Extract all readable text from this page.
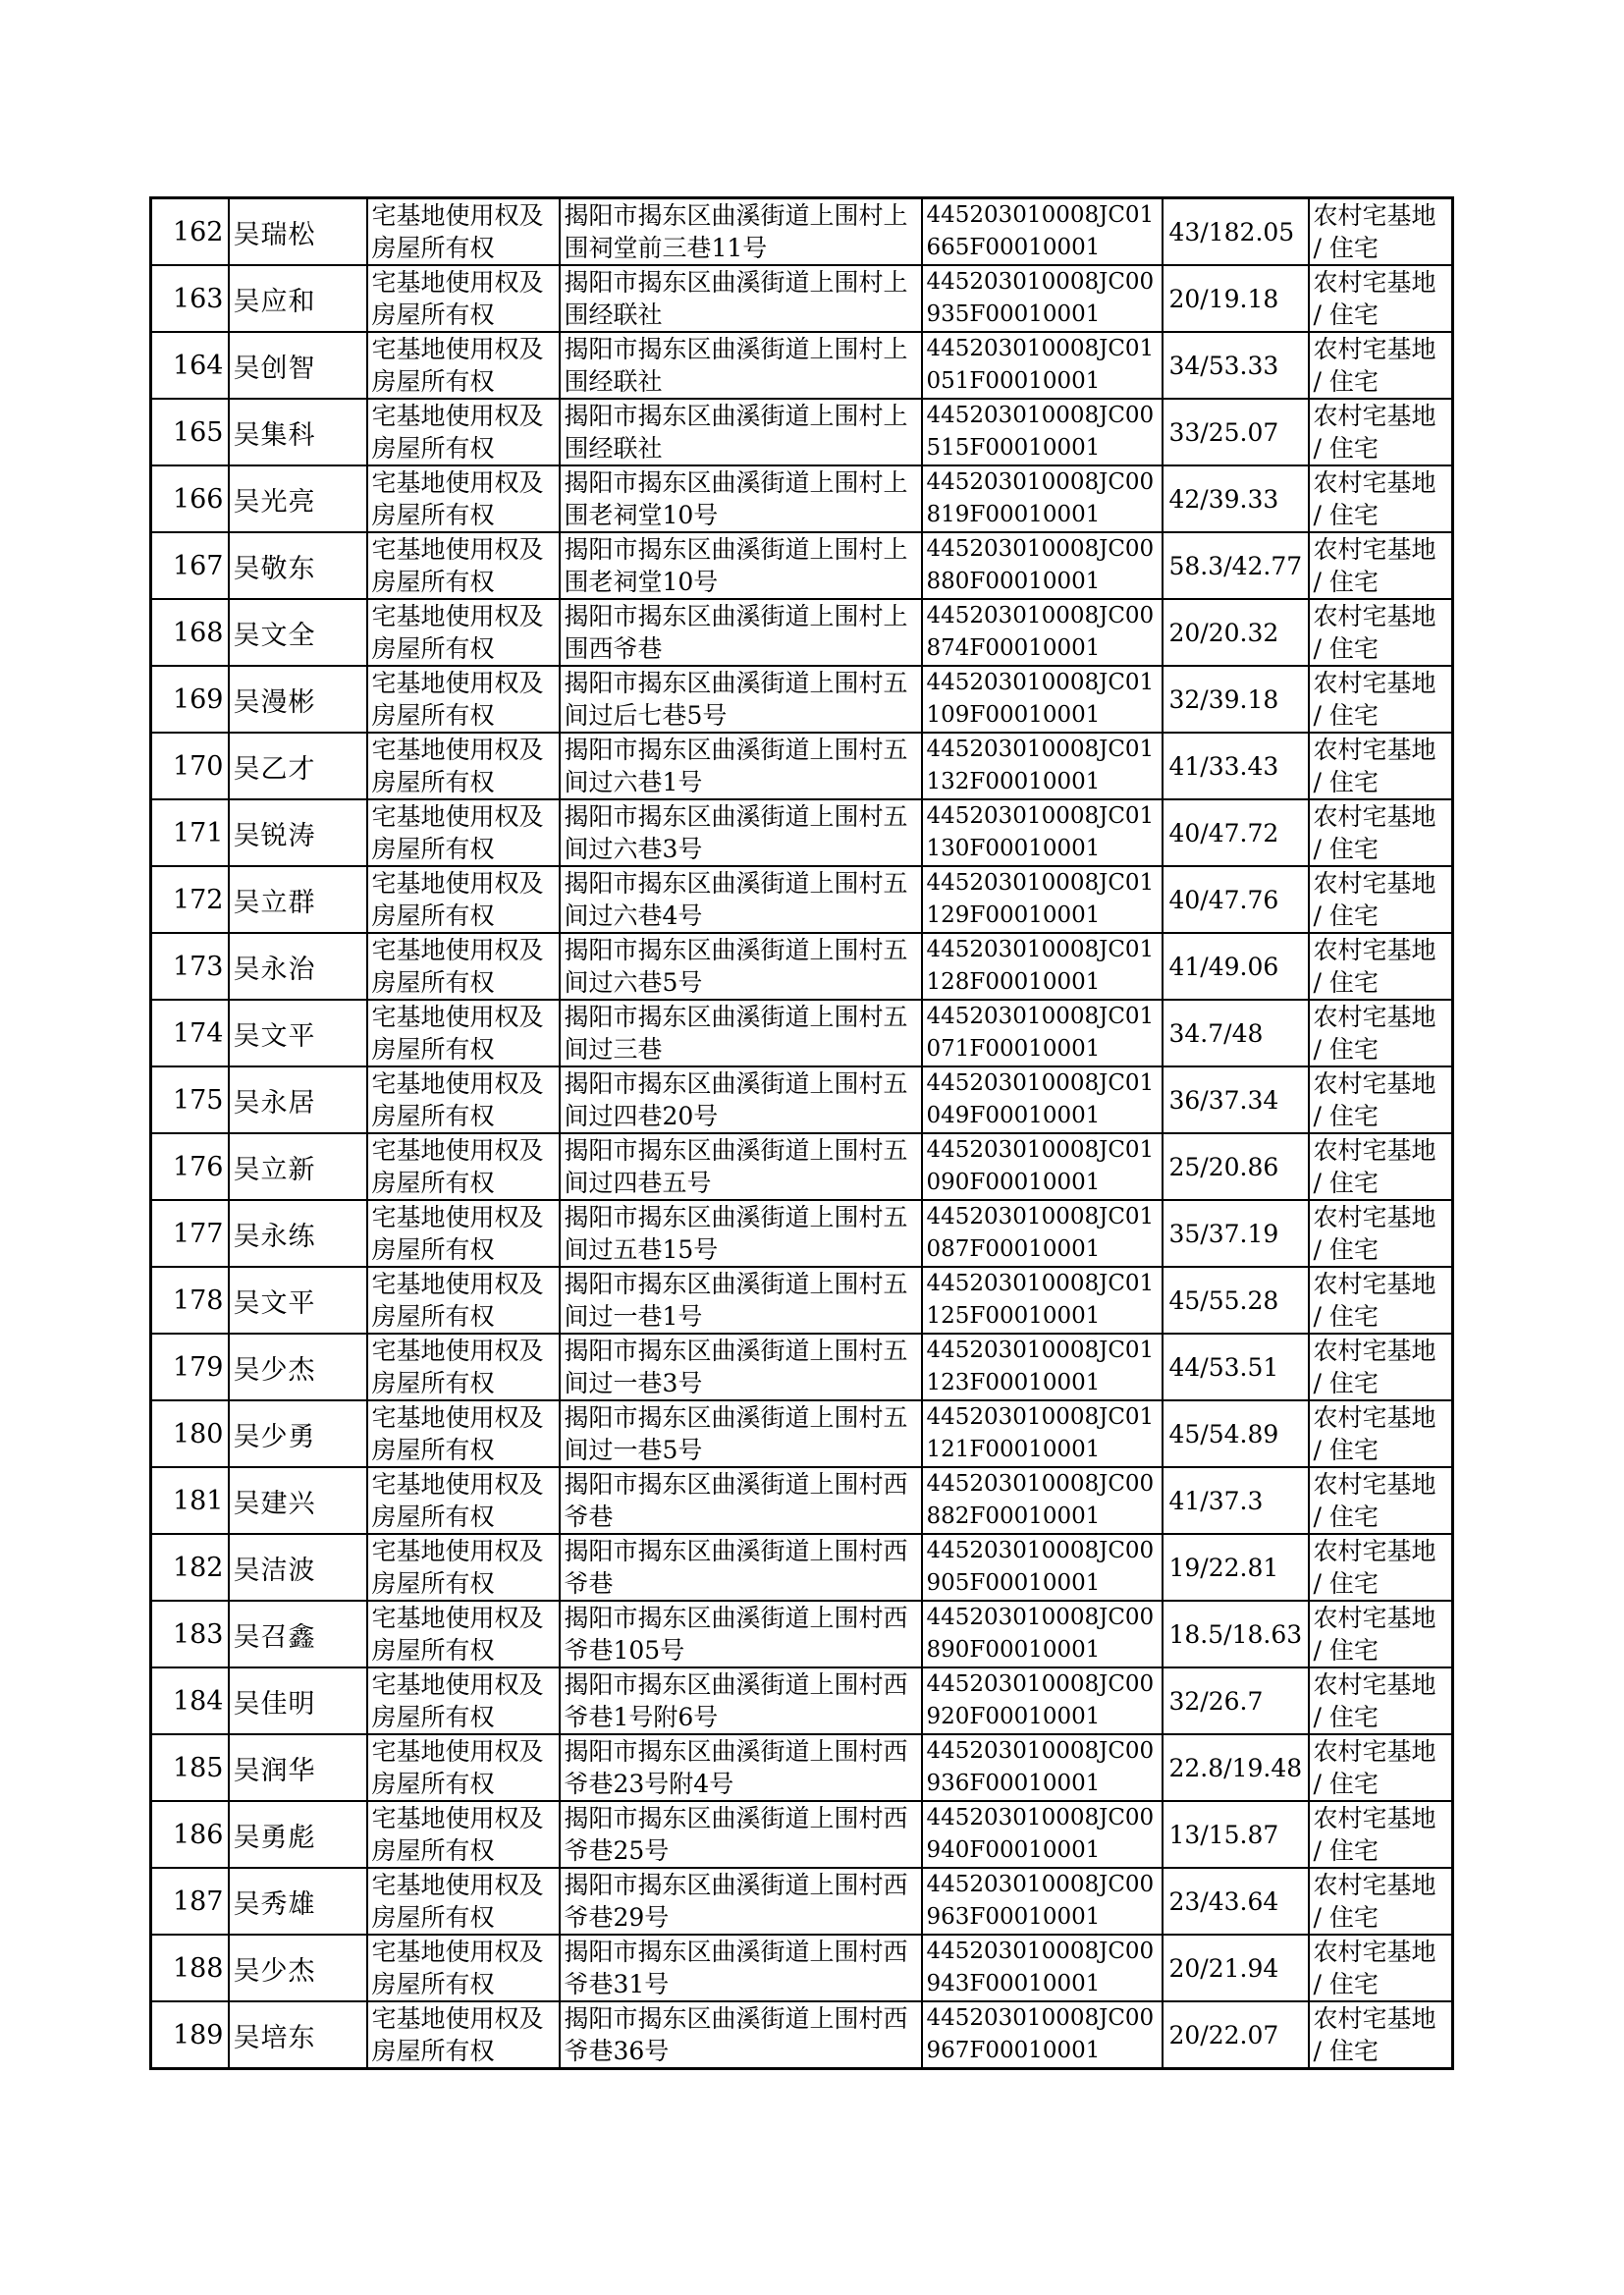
162	吴瑞松	宅基地使用权及房屋所有权	揭阳市揭东区曲溪街道上围村上围祠堂前三巷11号	445203010008JC01665F00010001	43/182.05	农村宅基地 / 住宅
163	吴应和	宅基地使用权及房屋所有权	揭阳市揭东区曲溪街道上围村上围经联社	445203010008JC00935F00010001	20/19.18	农村宅基地 / 住宅
164	吴创智	宅基地使用权及房屋所有权	揭阳市揭东区曲溪街道上围村上围经联社	445203010008JC01051F00010001	34/53.33	农村宅基地 / 住宅
165	吴集科	宅基地使用权及房屋所有权	揭阳市揭东区曲溪街道上围村上围经联社	445203010008JC00515F00010001	33/25.07	农村宅基地 / 住宅
166	吴光亮	宅基地使用权及房屋所有权	揭阳市揭东区曲溪街道上围村上围老祠堂10号	445203010008JC00819F00010001	42/39.33	农村宅基地 / 住宅
167	吴敬东	宅基地使用权及房屋所有权	揭阳市揭东区曲溪街道上围村上围老祠堂10号	445203010008JC00880F00010001	58.3/42.77	农村宅基地 / 住宅
168	吴文全	宅基地使用权及房屋所有权	揭阳市揭东区曲溪街道上围村上围西爷巷	445203010008JC00874F00010001	20/20.32	农村宅基地 / 住宅
169	吴漫彬	宅基地使用权及房屋所有权	揭阳市揭东区曲溪街道上围村五间过后七巷5号	445203010008JC01109F00010001	32/39.18	农村宅基地 / 住宅
170	吴乙才	宅基地使用权及房屋所有权	揭阳市揭东区曲溪街道上围村五间过六巷1号	445203010008JC01132F00010001	41/33.43	农村宅基地 / 住宅
171	吴锐涛	宅基地使用权及房屋所有权	揭阳市揭东区曲溪街道上围村五间过六巷3号	445203010008JC01130F00010001	40/47.72	农村宅基地 / 住宅
172	吴立群	宅基地使用权及房屋所有权	揭阳市揭东区曲溪街道上围村五间过六巷4号	445203010008JC01129F00010001	40/47.76	农村宅基地 / 住宅
173	吴永治	宅基地使用权及房屋所有权	揭阳市揭东区曲溪街道上围村五间过六巷5号	445203010008JC01128F00010001	41/49.06	农村宅基地 / 住宅
174	吴文平	宅基地使用权及房屋所有权	揭阳市揭东区曲溪街道上围村五间过三巷	445203010008JC01071F00010001	34.7/48	农村宅基地 / 住宅
175	吴永居	宅基地使用权及房屋所有权	揭阳市揭东区曲溪街道上围村五间过四巷20号	445203010008JC01049F00010001	36/37.34	农村宅基地 / 住宅
176	吴立新	宅基地使用权及房屋所有权	揭阳市揭东区曲溪街道上围村五间过四巷五号	445203010008JC01090F00010001	25/20.86	农村宅基地 / 住宅
177	吴永练	宅基地使用权及房屋所有权	揭阳市揭东区曲溪街道上围村五间过五巷15号	445203010008JC01087F00010001	35/37.19	农村宅基地 / 住宅
178	吴文平	宅基地使用权及房屋所有权	揭阳市揭东区曲溪街道上围村五间过一巷1号	445203010008JC01125F00010001	45/55.28	农村宅基地 / 住宅
179	吴少杰	宅基地使用权及房屋所有权	揭阳市揭东区曲溪街道上围村五间过一巷3号	445203010008JC01123F00010001	44/53.51	农村宅基地 / 住宅
180	吴少勇	宅基地使用权及房屋所有权	揭阳市揭东区曲溪街道上围村五间过一巷5号	445203010008JC01121F00010001	45/54.89	农村宅基地 / 住宅
181	吴建兴	宅基地使用权及房屋所有权	揭阳市揭东区曲溪街道上围村西爷巷	445203010008JC00882F00010001	41/37.3	农村宅基地 / 住宅
182	吴洁波	宅基地使用权及房屋所有权	揭阳市揭东区曲溪街道上围村西爷巷	445203010008JC00905F00010001	19/22.81	农村宅基地 / 住宅
183	吴召鑫	宅基地使用权及房屋所有权	揭阳市揭东区曲溪街道上围村西爷巷105号	445203010008JC00890F00010001	18.5/18.63	农村宅基地 / 住宅
184	吴佳明	宅基地使用权及房屋所有权	揭阳市揭东区曲溪街道上围村西爷巷1号附6号	445203010008JC00920F00010001	32/26.7	农村宅基地 / 住宅
185	吴润华	宅基地使用权及房屋所有权	揭阳市揭东区曲溪街道上围村西爷巷23号附4号	445203010008JC00936F00010001	22.8/19.48	农村宅基地 / 住宅
186	吴勇彪	宅基地使用权及房屋所有权	揭阳市揭东区曲溪街道上围村西爷巷25号	445203010008JC00940F00010001	13/15.87	农村宅基地 / 住宅
187	吴秀雄	宅基地使用权及房屋所有权	揭阳市揭东区曲溪街道上围村西爷巷29号	445203010008JC00963F00010001	23/43.64	农村宅基地 / 住宅
188	吴少杰	宅基地使用权及房屋所有权	揭阳市揭东区曲溪街道上围村西爷巷31号	445203010008JC00943F00010001	20/21.94	农村宅基地 / 住宅
189	吴培东	宅基地使用权及房屋所有权	揭阳市揭东区曲溪街道上围村西爷巷36号	445203010008JC00967F00010001	20/22.07	农村宅基地 / 住宅
